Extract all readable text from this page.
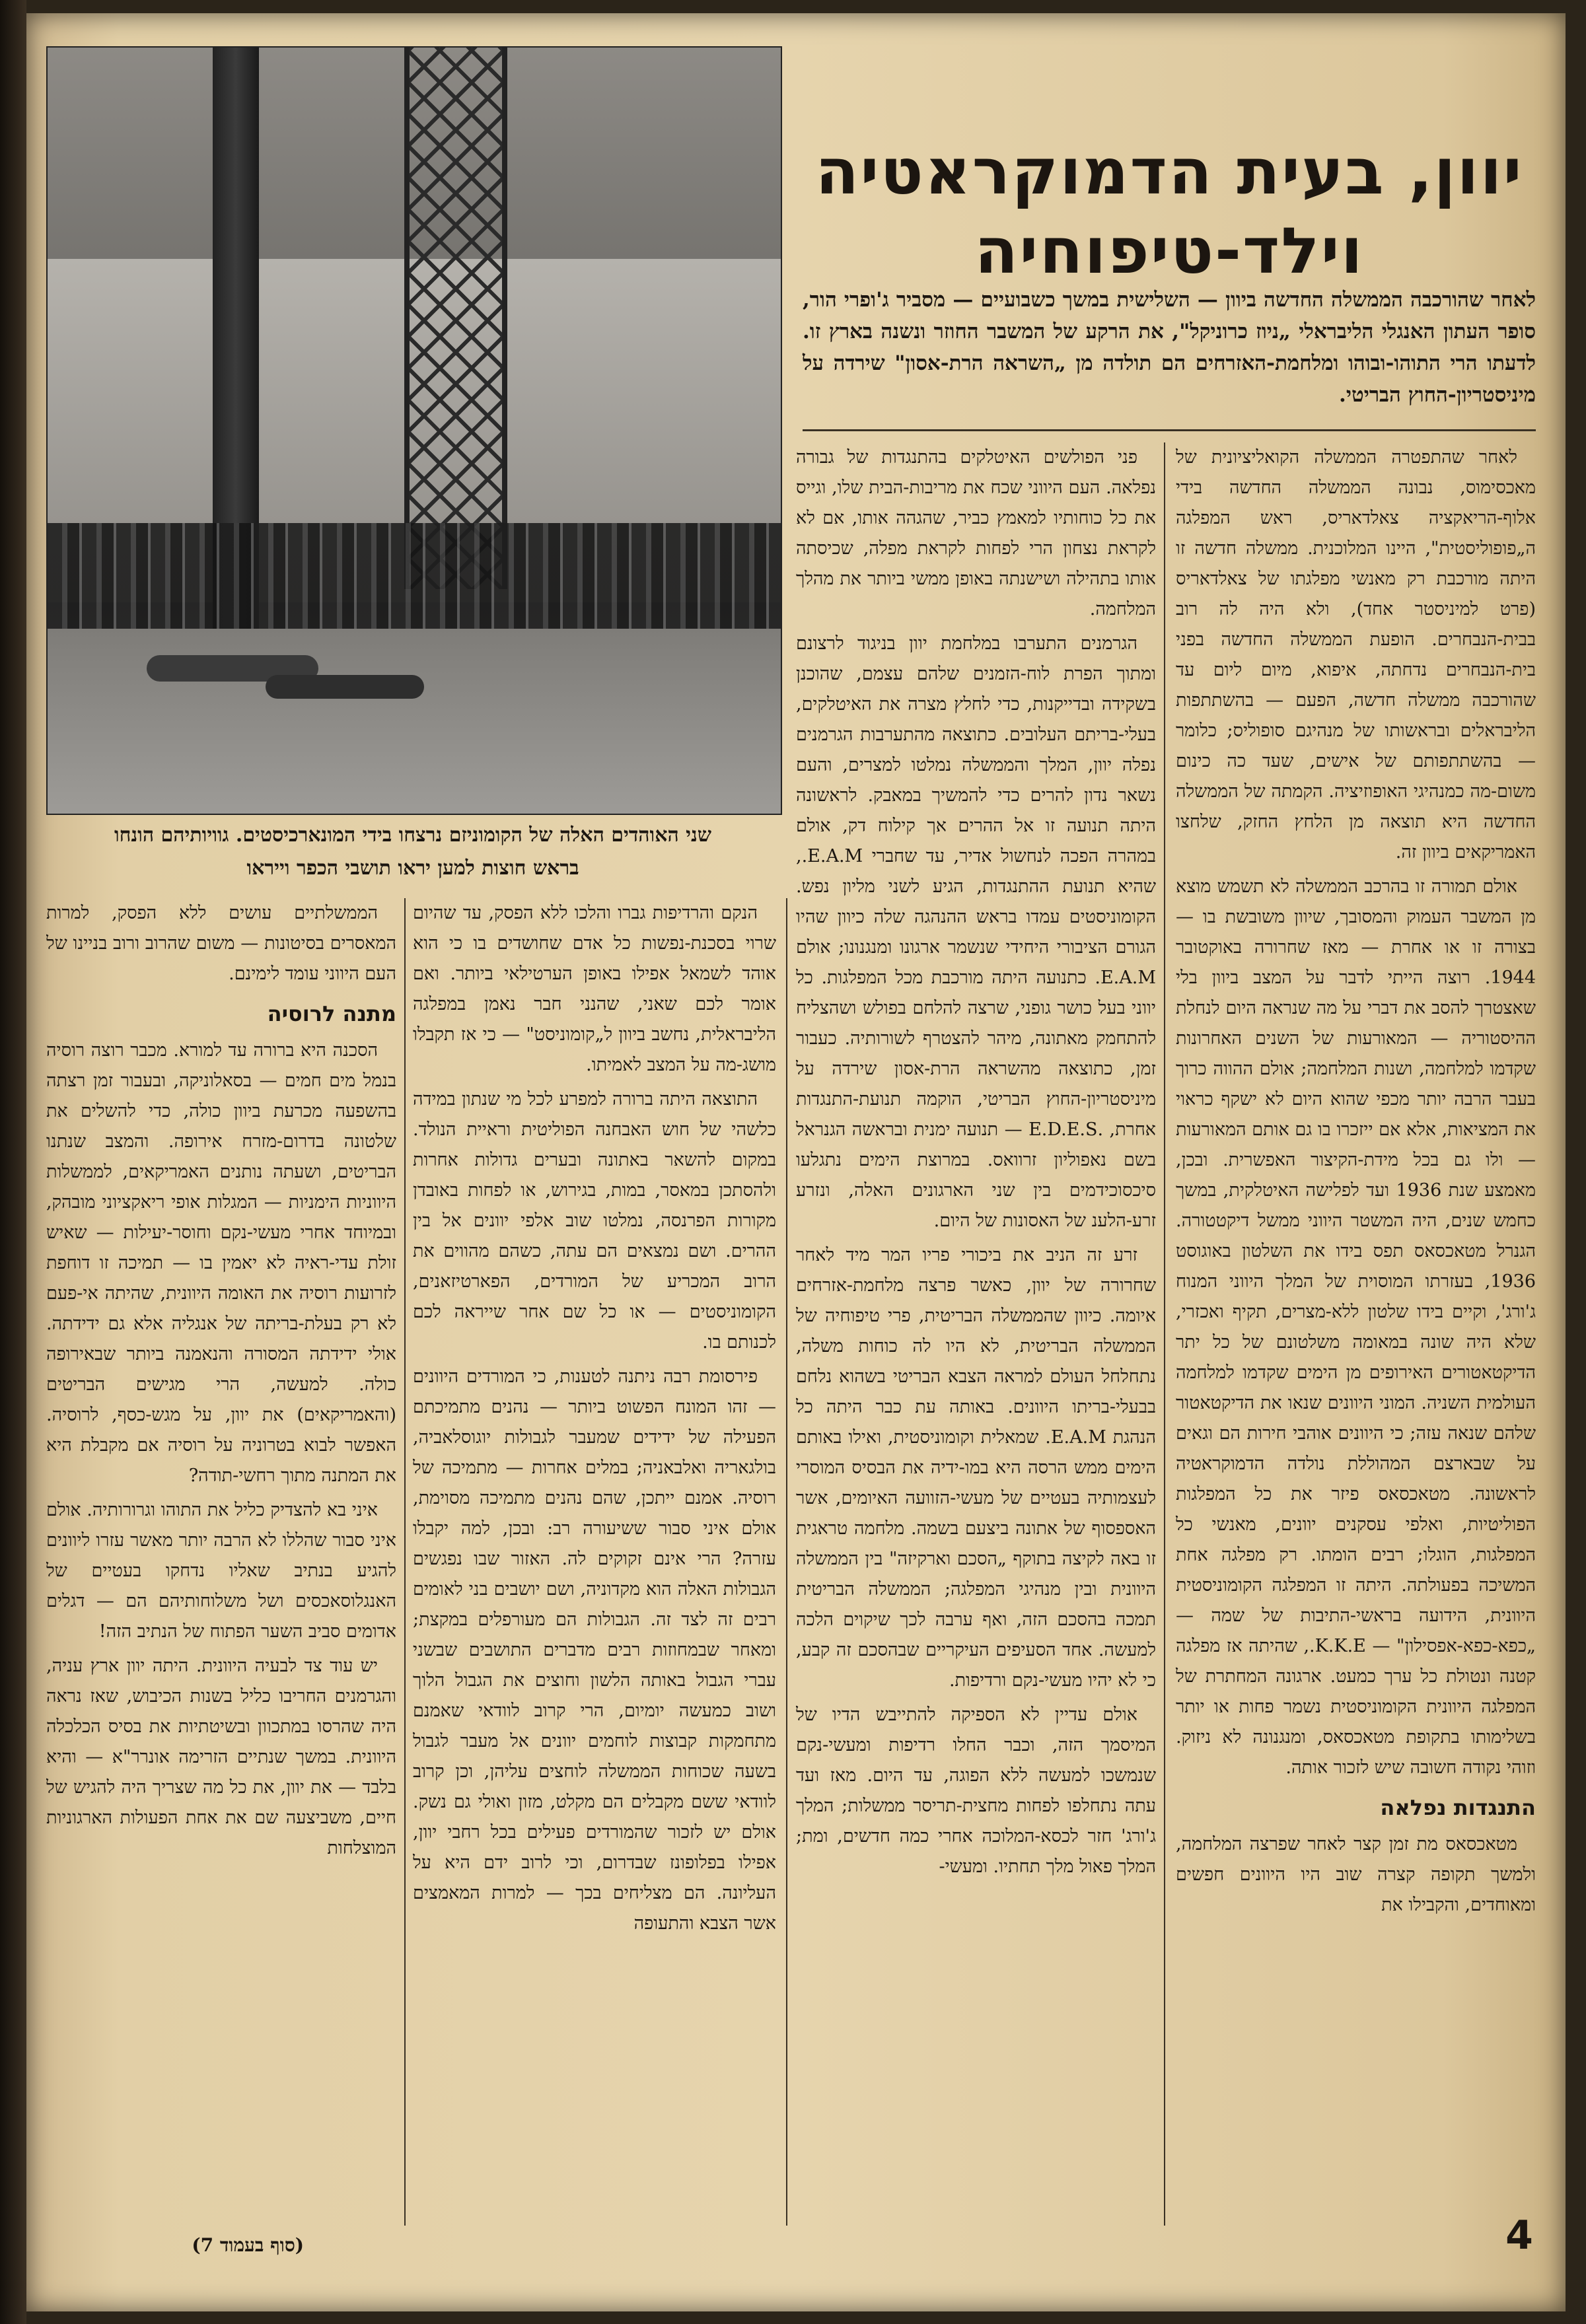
שני האוהדים האלה של הקומוניזם נרצחו בידי המונארכיסטים. גוויותיהם הונחו
בראש חוצות למען יראו תושבי הכפר וייראו
יוון, בעית הדמוקראטיה
וילד-טיפוחיה
לאחר שהורכבה הממשלה החדשה ביוון — השלישית במשך כשבועיים — מסביר ג'ופרי הור, סופר העתון האנגלי הליבראלי „ניוז כרוניקל", את הרקע של המשבר החוזר ונשנה בארץ זו. לדעתו הרי התוהו-ובוהו ומלחמת-האזרחים הם תולדה מן „השראה הרת-אסון" שירדה על מיניסטריון-החוץ הבריטי.

לאחר שהתפטרה הממשלה הקואליציונית של מאכסימוס, נבונה הממשלה החדשה בידי אלוף-הריאקציה צאלדאריס, ראש המפלגה ה„פופוליסטית", היינו המלוכנית. ממשלה חדשה זו היתה מורכבת רק מאנשי מפלגתו של צאלדאריס (פרט למיניסטר אחד), ולא היה לה רוב בבית-הנבחרים. הופעת הממשלה החדשה בפני בית-הנבחרים נדחתה, איפוא, מיום ליום עד שהורכבה ממשלה חדשה, הפעם — בהשתתפות הליבראלים ובראשותו של מנהיגם סופוליס; כלומר — בהשתתפותם של אישים, שעד כה כינום משום-מה כמנהיגי האופוזיציה. הקמתה של הממשלה החדשה היא תוצאה מן הלחץ החזק, שלחצו האמריקאים ביוון זה.

אולם תמורה זו בהרכב הממשלה לא תשמש מוצא מן המשבר העמוק והמסובך, שיוון משובשת בו — בצורה זו או אחרת — מאז שחרורה באוקטובר 1944. רוצה הייתי לדבר על המצב ביוון בלי שאצטרך להסב את דברי על מה שנראה היום לנחלת ההיסטוריה — המאורעות של השנים האחרונות שקדמו למלחמה, ושנות המלחמה; אולם ההווה כרוך בעבר הרבה יותר מכפי שהוא היום לא ישקף כראוי את המציאות, אלא אם ייזכרו בו גם אותם המאורעות — ולו גם בכל מידת-הקיצור האפשרית. ובכן, מאמצע שנת 1936 ועד לפלישה האיטלקית, במשך כחמש שנים, היה המשטר היווני ממשל דיקטטורה. הגנרל מטאכסאס תפס בידו את השלטון באוגוסט 1936, בעזרתו המוסוית של המלך היווני המנוח ג'ורג', וקיים בידו שלטון ללא-מצרים, תקיף ואכזרי, שלא היה שונה במאומה משלטונם של כל יתר הדיקטאטורים האירופים מן הימים שקדמו למלחמה העולמית השניה. המוני היוונים שנאו את הדיקטאטור שלהם שנאה עזה; כי היוונים אוהבי חירות הם וגאים על שבארצם המהוללת נולדה הדמוקראטיה לראשונה. מטאכסאס פיזר את כל המפלגות הפוליטיות, ואלפי עסקנים יוונים, מאנשי כל המפלגות, הוגלו; רבים הומתו. רק מפלגה אחת המשיכה בפעולתה. היתה זו המפלגה הקומוניסטית היוונית, הידועה בראשי-התיבות של שמה — „כפא-כפא-אפסילון" — K.K.E., שהיתה אז מפלגה קטנה ונטולת כל ערך כמעט. ארגונה המחתרת של המפלגה היוונית הקומוניסטית נשמר פחות או יותר בשלימותו בתקופת מטאכסאס, ומנגנונה לא ניזוק. וזוהי נקודה חשובה שיש לזכור אותה.

התנגדות נפלאה

מטאכסאס מת זמן קצר לאחר שפרצה המלחמה, ולמשך תקופה קצרה שוב היו היוונים חפשים ומאוחדים, והקבילו את

פני הפולשים האיטלקים בהתנגדות של גבורה נפלאה. העם היווני שכח את מריבות-הבית שלו, וגייס את כל כוחותיו למאמץ כביר, שהגהה אותו, אם לא לקראת נצחון הרי לפחות לקראת מפלה, שכיסתה אותו בתהילה ושישנתה באופן ממשי ביותר את מהלך המלחמה.

הגרמנים התערבו במלחמת יוון בניגוד לרצונם ומתוך הפרת לוח-הזמנים שלהם עצמם, שהוכנן בשקידה ובדייקנות, כדי לחלץ מצרה את האיטלקים, בעלי-בריתם העלובים. כתוצאה מהתערבות הגרמנים נפלה יוון, המלך והממשלה נמלטו למצרים, והעם נשאר נדון להרים כדי להמשיך במאבק. לראשונה היתה תנועה זו אל ההרים אך קילוח דק, אולם במהרה הפכה לנחשול אדיר, עד שחברי E.A.M., שהיא תנועת ההתנגדות, הגיע לשני מליון נפש. הקומוניסטים עמדו בראש ההנהגה שלה כיוון שהיו הגורם הציבורי היחידי שנשמר ארגונו ומנגנונו; אולם E.A.M. כתנועה היתה מורכבת מכל המפלגות. כל יווני בעל כושר גופני, שרצה להלחם בפולש ושהצליח להתחמק מאתונה, מיהר להצטרף לשורותיה. כעבור זמן, כתוצאה מהשראה הרת-אסון שירדה על מיניסטריון-החוץ הבריטי, הוקמה תנועת-התנגדות אחרת, .E.D.E.S — תנועה ימנית ובראשה הגנראל בשם נאפוליון זרוואס. במרוצת הימים נתגלעו סיכסוכידמים בין שני הארגונים האלה, ונזרע זרע-הלענ של האסונות של היום.

זרע זה הניב את ביכורי פריו המר מיד לאחר שחרורה של יוון, כאשר פרצה מלחמת-אזרחים איומה. כיוון שהממשלה הבריטית, פרי טיפוחיה של הממשלה הבריטית, לא היו לה כוחות משלה, נתחלחל העולם למראה הצבא הבריטי בשהוא נלחם בבעלי-בריתו היוונים. באותה עת כבר היתה כל הנהגת E.A.M. שמאלית וקומוניסטית, ואילו באותם הימים ממש הרסה היא במו-ידיה את הבסיס המוסרי לעצמותיה בעטיים של מעשי-הזוועה האיומים, אשר האספסוף של אתונה ביצעם בשמה. מלחמה טראגית זו באה לקיצה בתוקף „הסכם וארקיזה" בין הממשלה היוונית ובין מנהיגי המפלגה; הממשלה הבריטית תמכה בהסכם הזה, ואף ערבה לכך שיקוים הלכה למעשה. אחד הסעיפים העיקריים שבהסכם זה קבע, כי לא יהיו מעשי-נקם ורדיפות.

אולם עדיין לא הספיקה להתייבש הדיו של המיסמך הזה, וכבר החלו רדיפות ומעשי-נקם שנמשכו למעשה ללא הפוגה, עד היום. מאז ועד עתה נתחלפו לפחות מחצית-תריסר ממשלות; המלך ג'ורג' חזר לכסא-המלוכה אחרי כמה חדשים, ומת; המלך פאול מלך תחתיו. ומעשי-

הנקם והרדיפות גברו והלכו ללא הפסק, עד שהיום שרוי בסכנת-נפשות כל אדם שחושדים בו כי הוא אוהד לשמאל אפילו באופן הערטילאי ביותר. ואם אומר לכם שאני, שהנני חבר נאמן במפלגה הליבראלית, נחשב ביוון ל„קומוניסט" — כי אז תקבלו מושג-מה על המצב לאמיתו.

התוצאה היתה ברורה למפרע לכל מי שנתון במידה כלשהי של חוש האבחנה הפוליטית וראיית הנולד. במקום להשאר באתונה ובערים גדולות אחרות ולהסתכן במאסר, במות, בגירוש, או לפחות באובדן מקורות הפרנסה, נמלטו שוב אלפי יוונים אל בין ההרים. ושם נמצאים הם עתה, כשהם מהווים את הרוב המכריע של המורדים, הפארטיזאנים, הקומוניסטים — או כל שם אחר שייראה לכם לכנותם בו.

פירסומת רבה ניתנה לטענות, כי המורדים היוונים — זהו המונח הפשוט ביותר — נהנים מתמיכתם הפעילה של ידידים שמעבר לגבולות יוגוסלאביה, בולגאריה ואלבאניה; במלים אחרות — מתמיכה של רוסיה. אמנם ייתכן, שהם נהנים מתמיכה מסוימת, אולם איני סבור ששיעורה רב: ובכן, למה יקבלו עזרה? הרי אינם זקוקים לה. האזור שבו נפגשים הגבולות האלה הוא מקדוניה, ושם יושבים בני לאומים רבים זה לצד זה. הגבולות הם מעורפלים במקצת; ומאחר שבמחוזות רבים מדברים התושבים שבשני עברי הגבול באותה הלשון וחוצים את הגבול הלוך ושוב כמעשה יומיום, הרי קרוב לוודאי שאמנם מתחמקות קבוצות לוחמים יוונים אל מעבר לגבול בשעה שכוחות הממשלה לוחצים עליהן, וכן קרוב לוודאי ששם מקבלים הם מקלט, מזון ואולי גם נשק. אולם יש לזכור שהמורדים פעילים בכל רחבי יוון, אפילו בפלופונז שבדרום, וכי לרוב ידם היא על העליונה. הם מצליחים בכך — למרות המאמצים אשר הצבא והתעופה

הממשלתיים עושים ללא הפסק, למרות המאסרים בסיטונות — משום שהרוב ורוב בניינו של העם היווני עומד לימינם.

מתנה לרוסיה

הסכנה היא ברורה עד למורא. מכבר רוצה רוסיה בנמל מים חמים — בסאלוניקה, ובעבור זמן רצתה בהשפעה מכרעת ביוון כולה, כדי להשלים את שלטונה בדרום-מזרח אירופה. והמצב שנתנו הבריטים, ושעתה נותנים האמריקאים, לממשלות היווניות הימניות — המגלות אופי ריאקציוני מובהק, ובמיוחד אחרי מעשי-נקם וחוסר-יעילות — שאיש זולת עדי-ראיה לא יאמין בו — תמיכה זו דוחפת לזרועות רוסיה את האומה היוונית, שהיתה אי-פעם לא רק בעלת-בריתה של אנגליה אלא גם ידידתה. אולי ידידתה המסורה והנאמנה ביותר שבאירופה כולה. למעשה, הרי מגישים הבריטים (והאמריקאים) את יוון, על מגש-כסף, לרוסיה. האפשר לבוא בטרוניה על רוסיה אם מקבלת היא את המתנה מתוך רחשי-תודה?

איני בא להצדיק כליל את התוהו וגרורותיה. אולם איני סבור שהללו לא הרבה יותר מאשר עזרו ליוונים להגיע בנתיב שאליו נדחקו בעטיים של האנגלוסאכסים ושל משלוחותיהם הם — דגלים אדומים סביב השער הפתוח של הנתיב הזה!

יש עוד צד לבעיה היוונית. היתה יוון ארץ עניה, והגרמנים החריבו כליל בשנות הכיבוש, שאז נראה היה שהרסו במתכוון ובשיטתיות את בסיס הכלכלה היוונית. במשך שנתיים הזרימה אונרר"א — והיא בלבד — את יוון, את כל מה שצריך היה להגיש של חיים, משביצעה שם את אחת הפעולות הארגוניות המוצלחות

(סוף בעמוד 7)	4
